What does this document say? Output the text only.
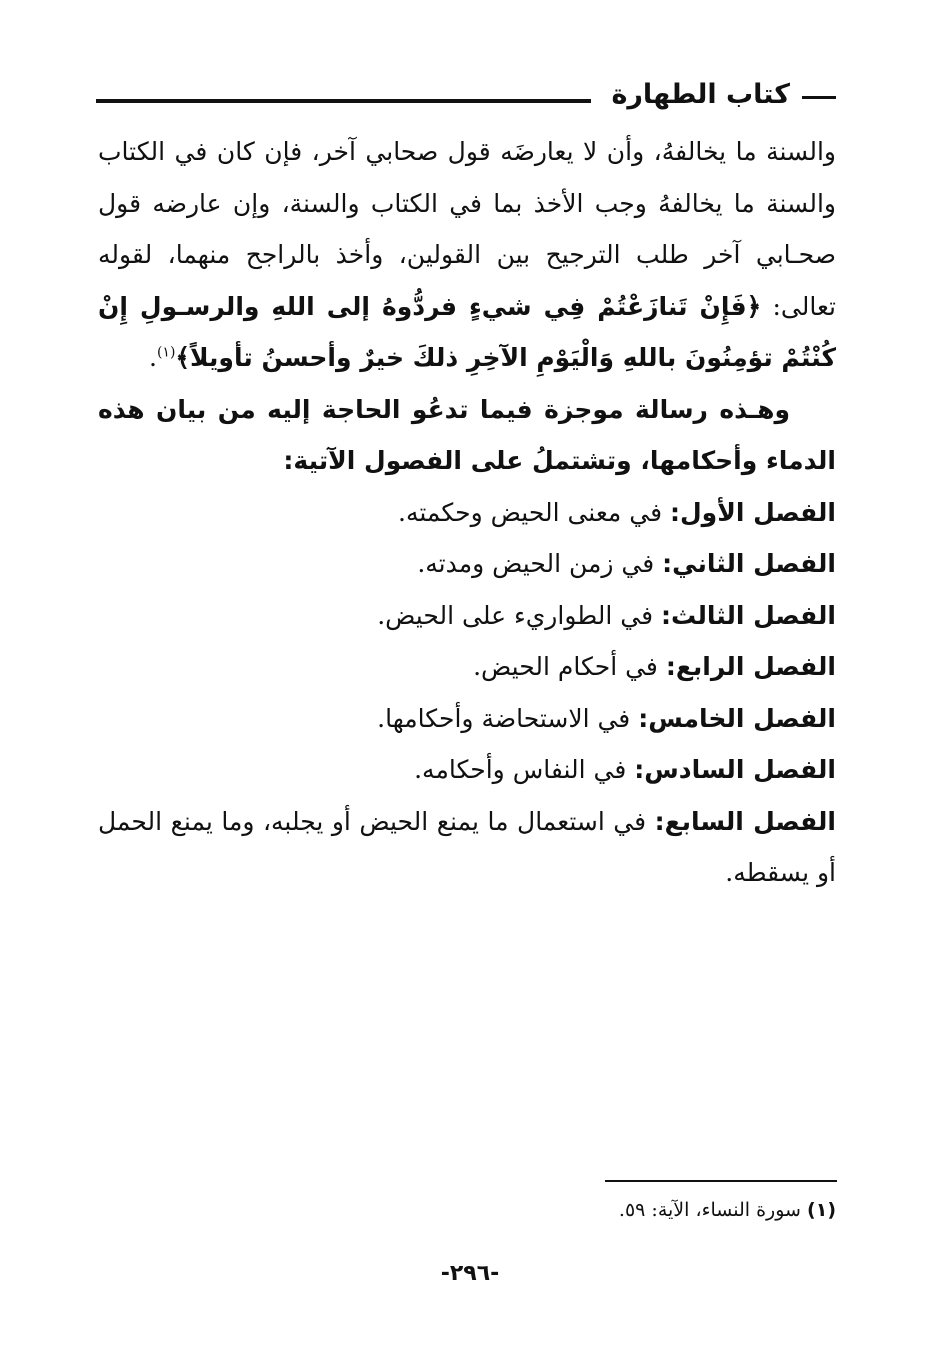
كتاب الطهارة

والسنة ما يخالفهُ، وأن لا يعارضَه قول صحابي آخر، فإن كان في الكتاب والسنة ما يخالفهُ وجب الأخذ بما في الكتاب والسنة، وإن عارضه قول صحـابي آخر طلب الترجيح بين القولين، وأخذ بالراجح منهما، لقوله تعالى: ﴿فَإِنْ تَنازَعْتُمْ فِي شيءٍ فردُّوهُ إلى اللهِ والرسـولِ إِنْ كُنْتُمْ تؤمِنُونَ باللهِ وَالْيَوْمِ الآخِرِ ذلكَ خيرٌ وأحسنُ تأويلاً﴾$^{(١)}$.

وهـذه رسالة موجزة فيما تدعُو الحاجة إليه من بيان هذه الدماء وأحكامها، وتشتملُ على الفصول الآتية:

الفصل الأول: في معنى الحيض وحكمته.

الفصل الثاني: في زمن الحيض ومدته.

الفصل الثالث: في الطواريء على الحيض.

الفصل الرابع: في أحكام الحيض.

الفصل الخامس: في الاستحاضة وأحكامها.

الفصل السادس: في النفاس وأحكامه.

الفصل السابع: في استعمال ما يمنع الحيض أو يجلبه، وما يمنع الحمل أو يسقطه.

(١) سورة النساء، الآية: ٥٩.
-٢٩٦-
